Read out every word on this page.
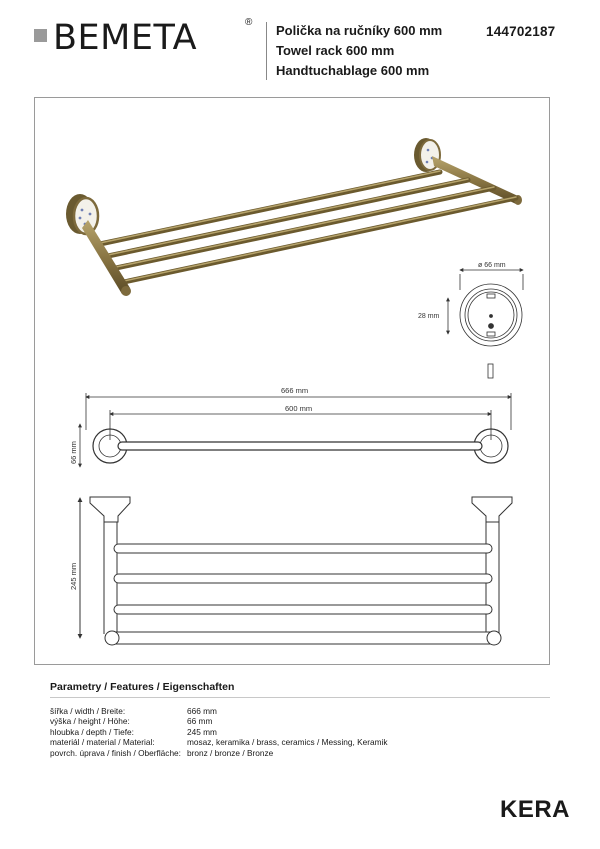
BEMETA	®
Polička na ručníky 600 mm
Towel rack 600 mm
Handtuchablage 600 mm
144702187
ø 66 mm
28 mm
666 mm
600 mm
66 mm
245 mm
Parametry / Features / Eigenschaften
šířka / width / Breite:	666 mm
výška / height / Höhe:	66 mm
hloubka / depth / Tiefe:	245 mm
materiál / material / Material:	mosaz, keramika / brass, ceramics / Messing, Keramik
povrch. úprava / finish / Oberfläche: bronz / bronze / Bronze
KERA
